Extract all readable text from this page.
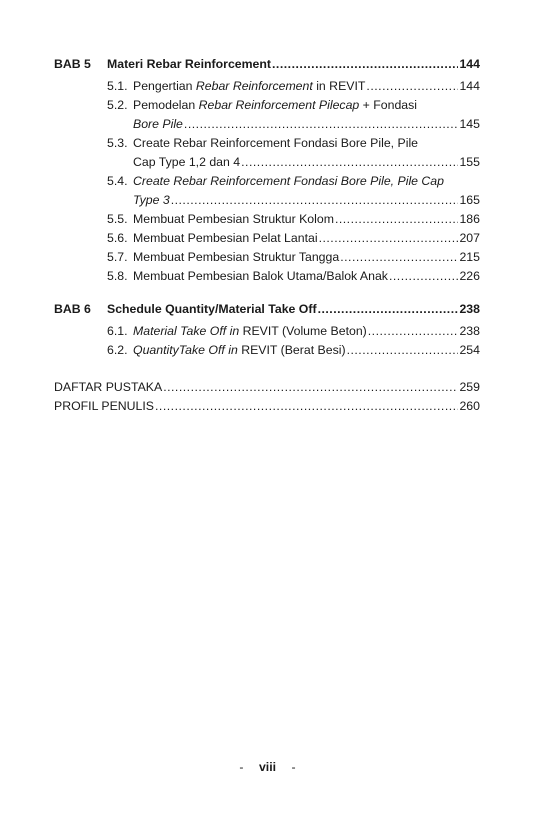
BAB 5 Materi Rebar Reinforcement .....	144
5.1. Pengertian Rebar Reinforcement in REVIT .....	144
5.2. Pemodelan Rebar Reinforcement Pilecap + Fondasi
Bore Pile .....	145
5.3. Create Rebar Reinforcement Fondasi Bore Pile, Pile
Cap Type 1,2 dan 4 .....	155
5.4. Create Rebar Reinforcement Fondasi Bore Pile, Pile Cap
Type 3 .....	165
5.5. Membuat Pembesian Struktur Kolom .....	186
5.6. Membuat Pembesian Pelat Lantai .....	207
5.7. Membuat Pembesian Struktur Tangga .....	215
5.8. Membuat Pembesian Balok Utama/Balok Anak .....	226
BAB 6 Schedule Quantity/Material Take Off .....	238
6.1. Material Take Off in REVIT (Volume Beton) .....	238
6.2. QuantityTake Off in REVIT (Berat Besi) .....	254
DAFTAR PUSTAKA .....	259
PROFIL PENULIS .....	260
- viii -
